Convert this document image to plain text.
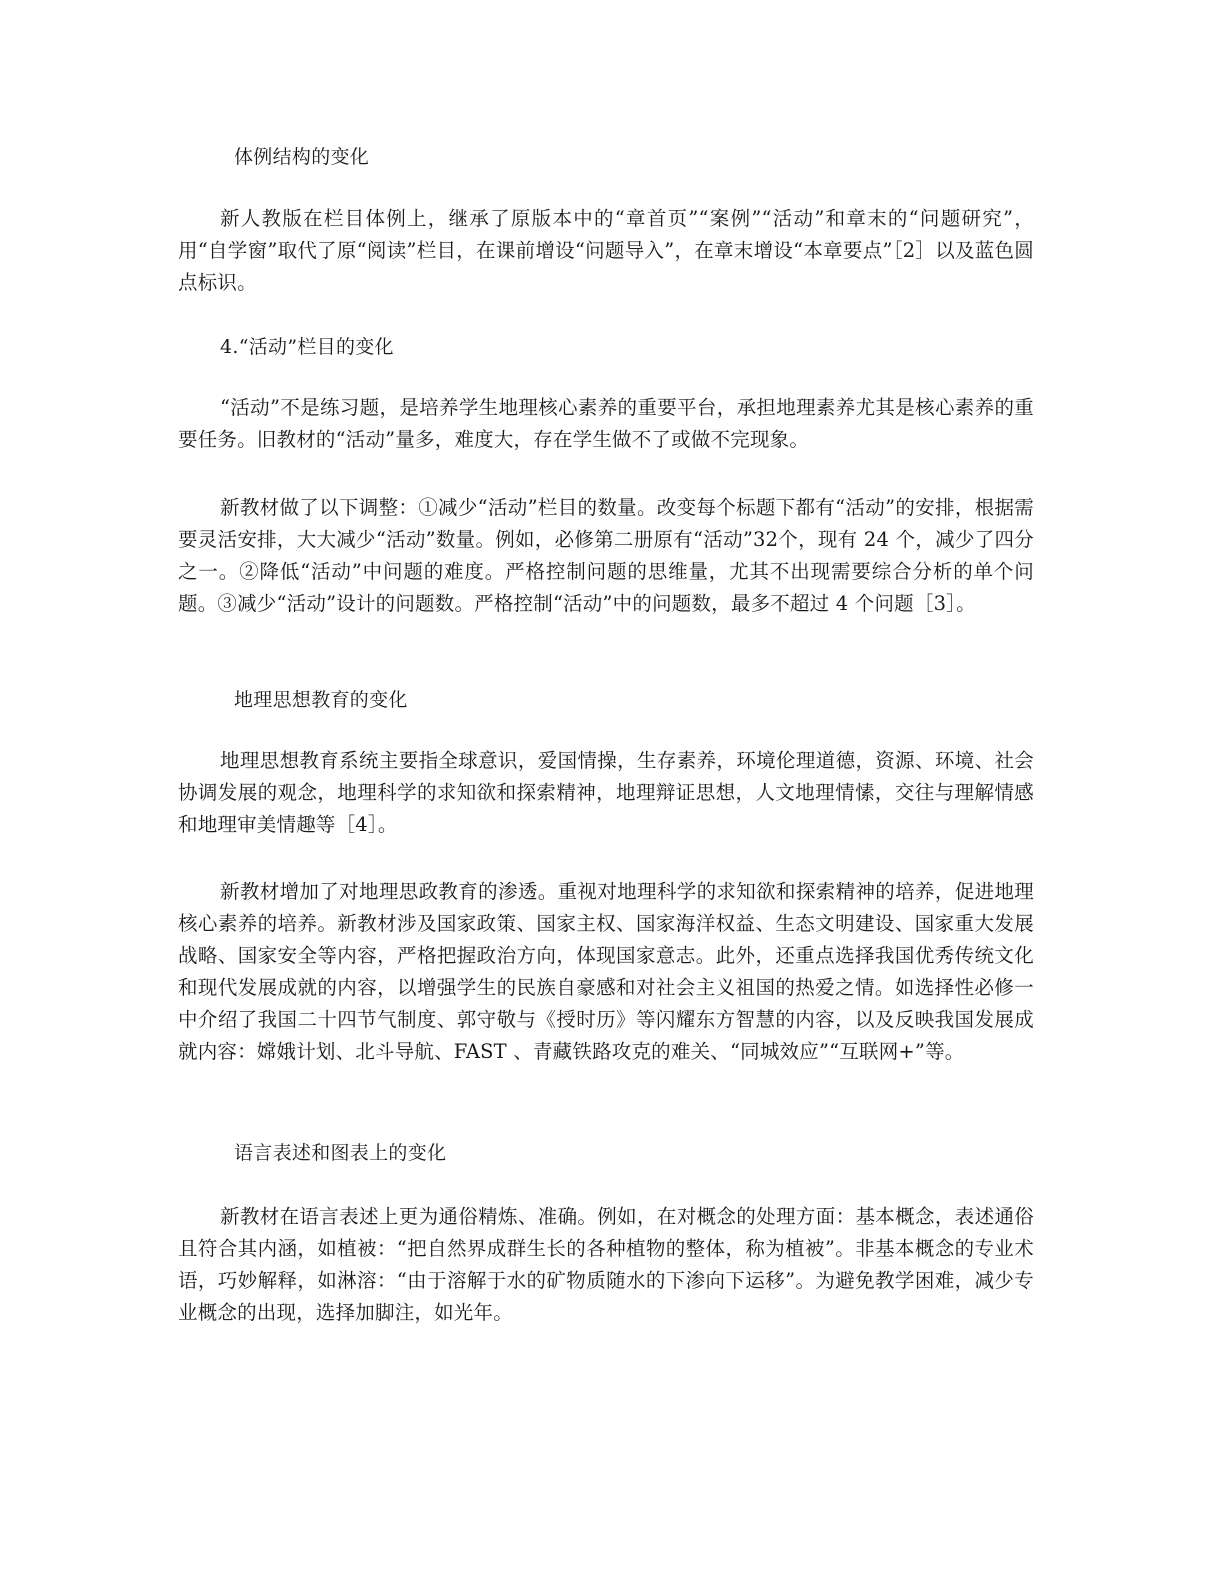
体例结构的变化

新人教版在栏目体例上，继承了原版本中的“章首页”“案例”“活动”和章末的“问题研究”，用“自学窗”取代了原“阅读”栏目，在课前增设“问题导入”，在章末增设“本章要点”［2］以及蓝色圆点标识。

4.“活动”栏目的变化

“活动”不是练习题，是培养学生地理核心素养的重要平台，承担地理素养尤其是核心素养的重要任务。旧教材的“活动”量多，难度大，存在学生做不了或做不完现象。

新教材做了以下调整：①减少“活动”栏目的数量。改变每个标题下都有“活动”的安排，根据需要灵活安排，大大减少“活动”数量。例如，必修第二册原有“活动”32个，现有 24 个，减少了四分之一。②降低“活动”中问题的难度。严格控制问题的思维量，尤其不出现需要综合分析的单个问题。③减少“活动”设计的问题数。严格控制“活动”中的问题数，最多不超过 4 个问题［3］。

地理思想教育的变化

地理思想教育系统主要指全球意识，爱国情操，生存素养，环境伦理道德，资源、环境、社会协调发展的观念，地理科学的求知欲和探索精神，地理辩证思想，人文地理情愫，交往与理解情感和地理审美情趣等［4］。

新教材增加了对地理思政教育的渗透。重视对地理科学的求知欲和探索精神的培养，促进地理核心素养的培养。新教材涉及国家政策、国家主权、国家海洋权益、生态文明建设、国家重大发展战略、国家安全等内容，严格把握政治方向，体现国家意志。此外，还重点选择我国优秀传统文化和现代发展成就的内容，以增强学生的民族自豪感和对社会主义祖国的热爱之情。如选择性必修一中介绍了我国二十四节气制度、郭守敬与《授时历》等闪耀东方智慧的内容，以及反映我国发展成就内容：嫦娥计划、北斗导航、FAST 、青藏铁路攻克的难关、“同城效应”“互联网+”等。

语言表述和图表上的变化

新教材在语言表述上更为通俗精炼、准确。例如，在对概念的处理方面：基本概念，表述通俗且符合其内涵，如植被：“把自然界成群生长的各种植物的整体，称为植被”。非基本概念的专业术语，巧妙解释，如淋溶：“由于溶解于水的矿物质随水的下渗向下运移”。为避免教学困难，减少专业概念的出现，选择加脚注，如光年。
